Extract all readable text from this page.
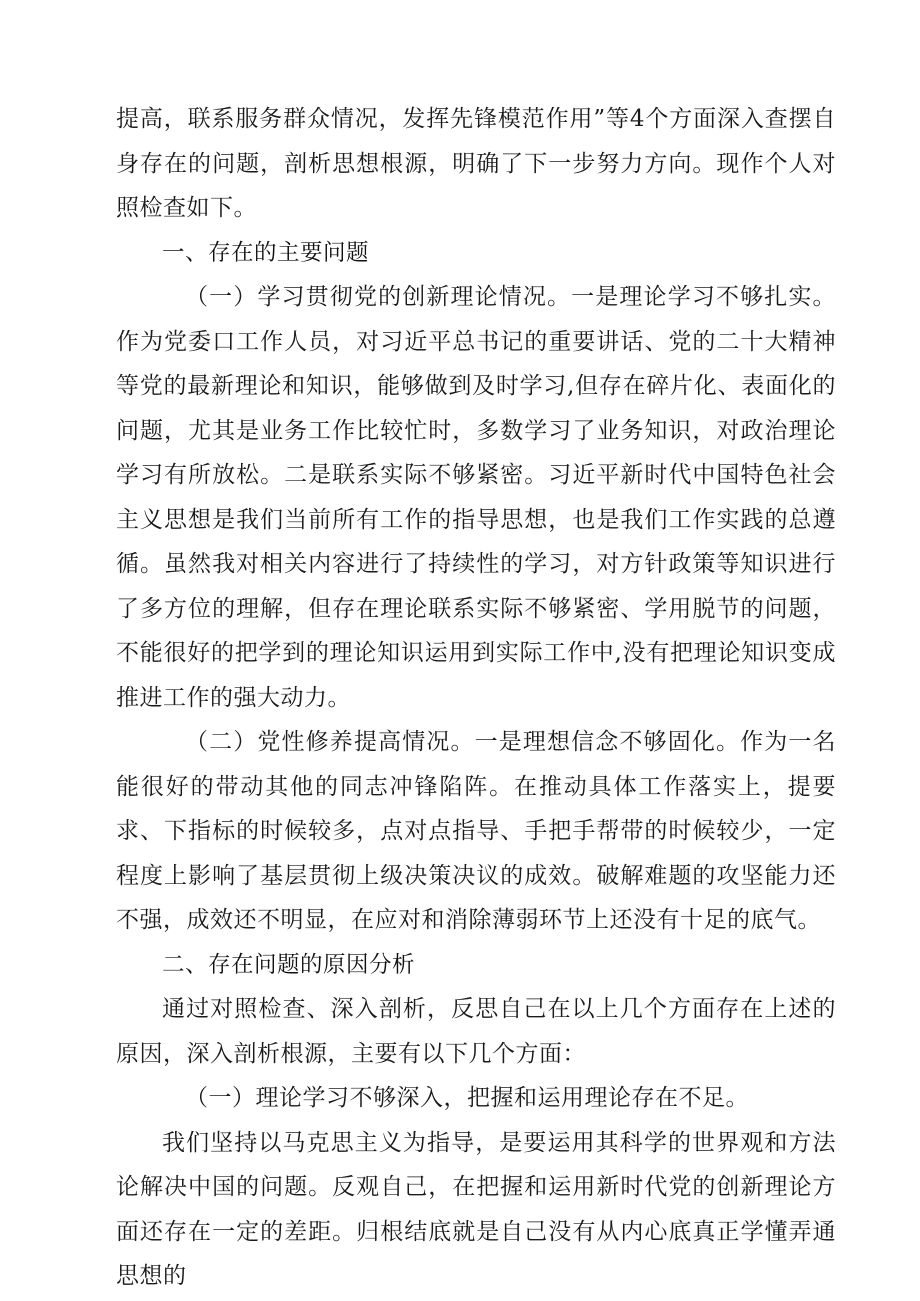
提高，联系服务群众情况，发挥先锋模范作用”等4个方面深入查摆自身存在的问题，剖析思想根源，明确了下一步努力方向。现作个人对照检查如下。

一、存在的主要问题

（一）学习贯彻党的创新理论情况。一是理论学习不够扎实。作为党委口工作人员，对习近平总书记的重要讲话、党的二十大精神等党的最新理论和知识，能够做到及时学习,但存在碎片化、表面化的问题，尤其是业务工作比较忙时，多数学习了业务知识，对政治理论学习有所放松。二是联系实际不够紧密。习近平新时代中国特色社会主义思想是我们当前所有工作的指导思想，也是我们工作实践的总遵循。虽然我对相关内容进行了持续性的学习，对方针政策等知识进行了多方位的理解，但存在理论联系实际不够紧密、学用脱节的问题，不能很好的把学到的理论知识运用到实际工作中,没有把理论知识变成推进工作的强大动力。

（二）党性修养提高情况。一是理想信念不够固化。作为一名能很好的带动其他的同志冲锋陷阵。在推动具体工作落实上，提要求、下指标的时候较多，点对点指导、手把手帮带的时候较少，一定程度上影响了基层贯彻上级决策决议的成效。破解难题的攻坚能力还不强，成效还不明显，在应对和消除薄弱环节上还没有十足的底气。

二、存在问题的原因分析

通过对照检查、深入剖析，反思自己在以上几个方面存在上述的原因，深入剖析根源，主要有以下几个方面：

（一）理论学习不够深入，把握和运用理论存在不足。

我们坚持以马克思主义为指导，是要运用其科学的世界观和方法论解决中国的问题。反观自己，在把握和运用新时代党的创新理论方面还存在一定的差距。归根结底就是自己没有从内心底真正学懂弄通思想的
